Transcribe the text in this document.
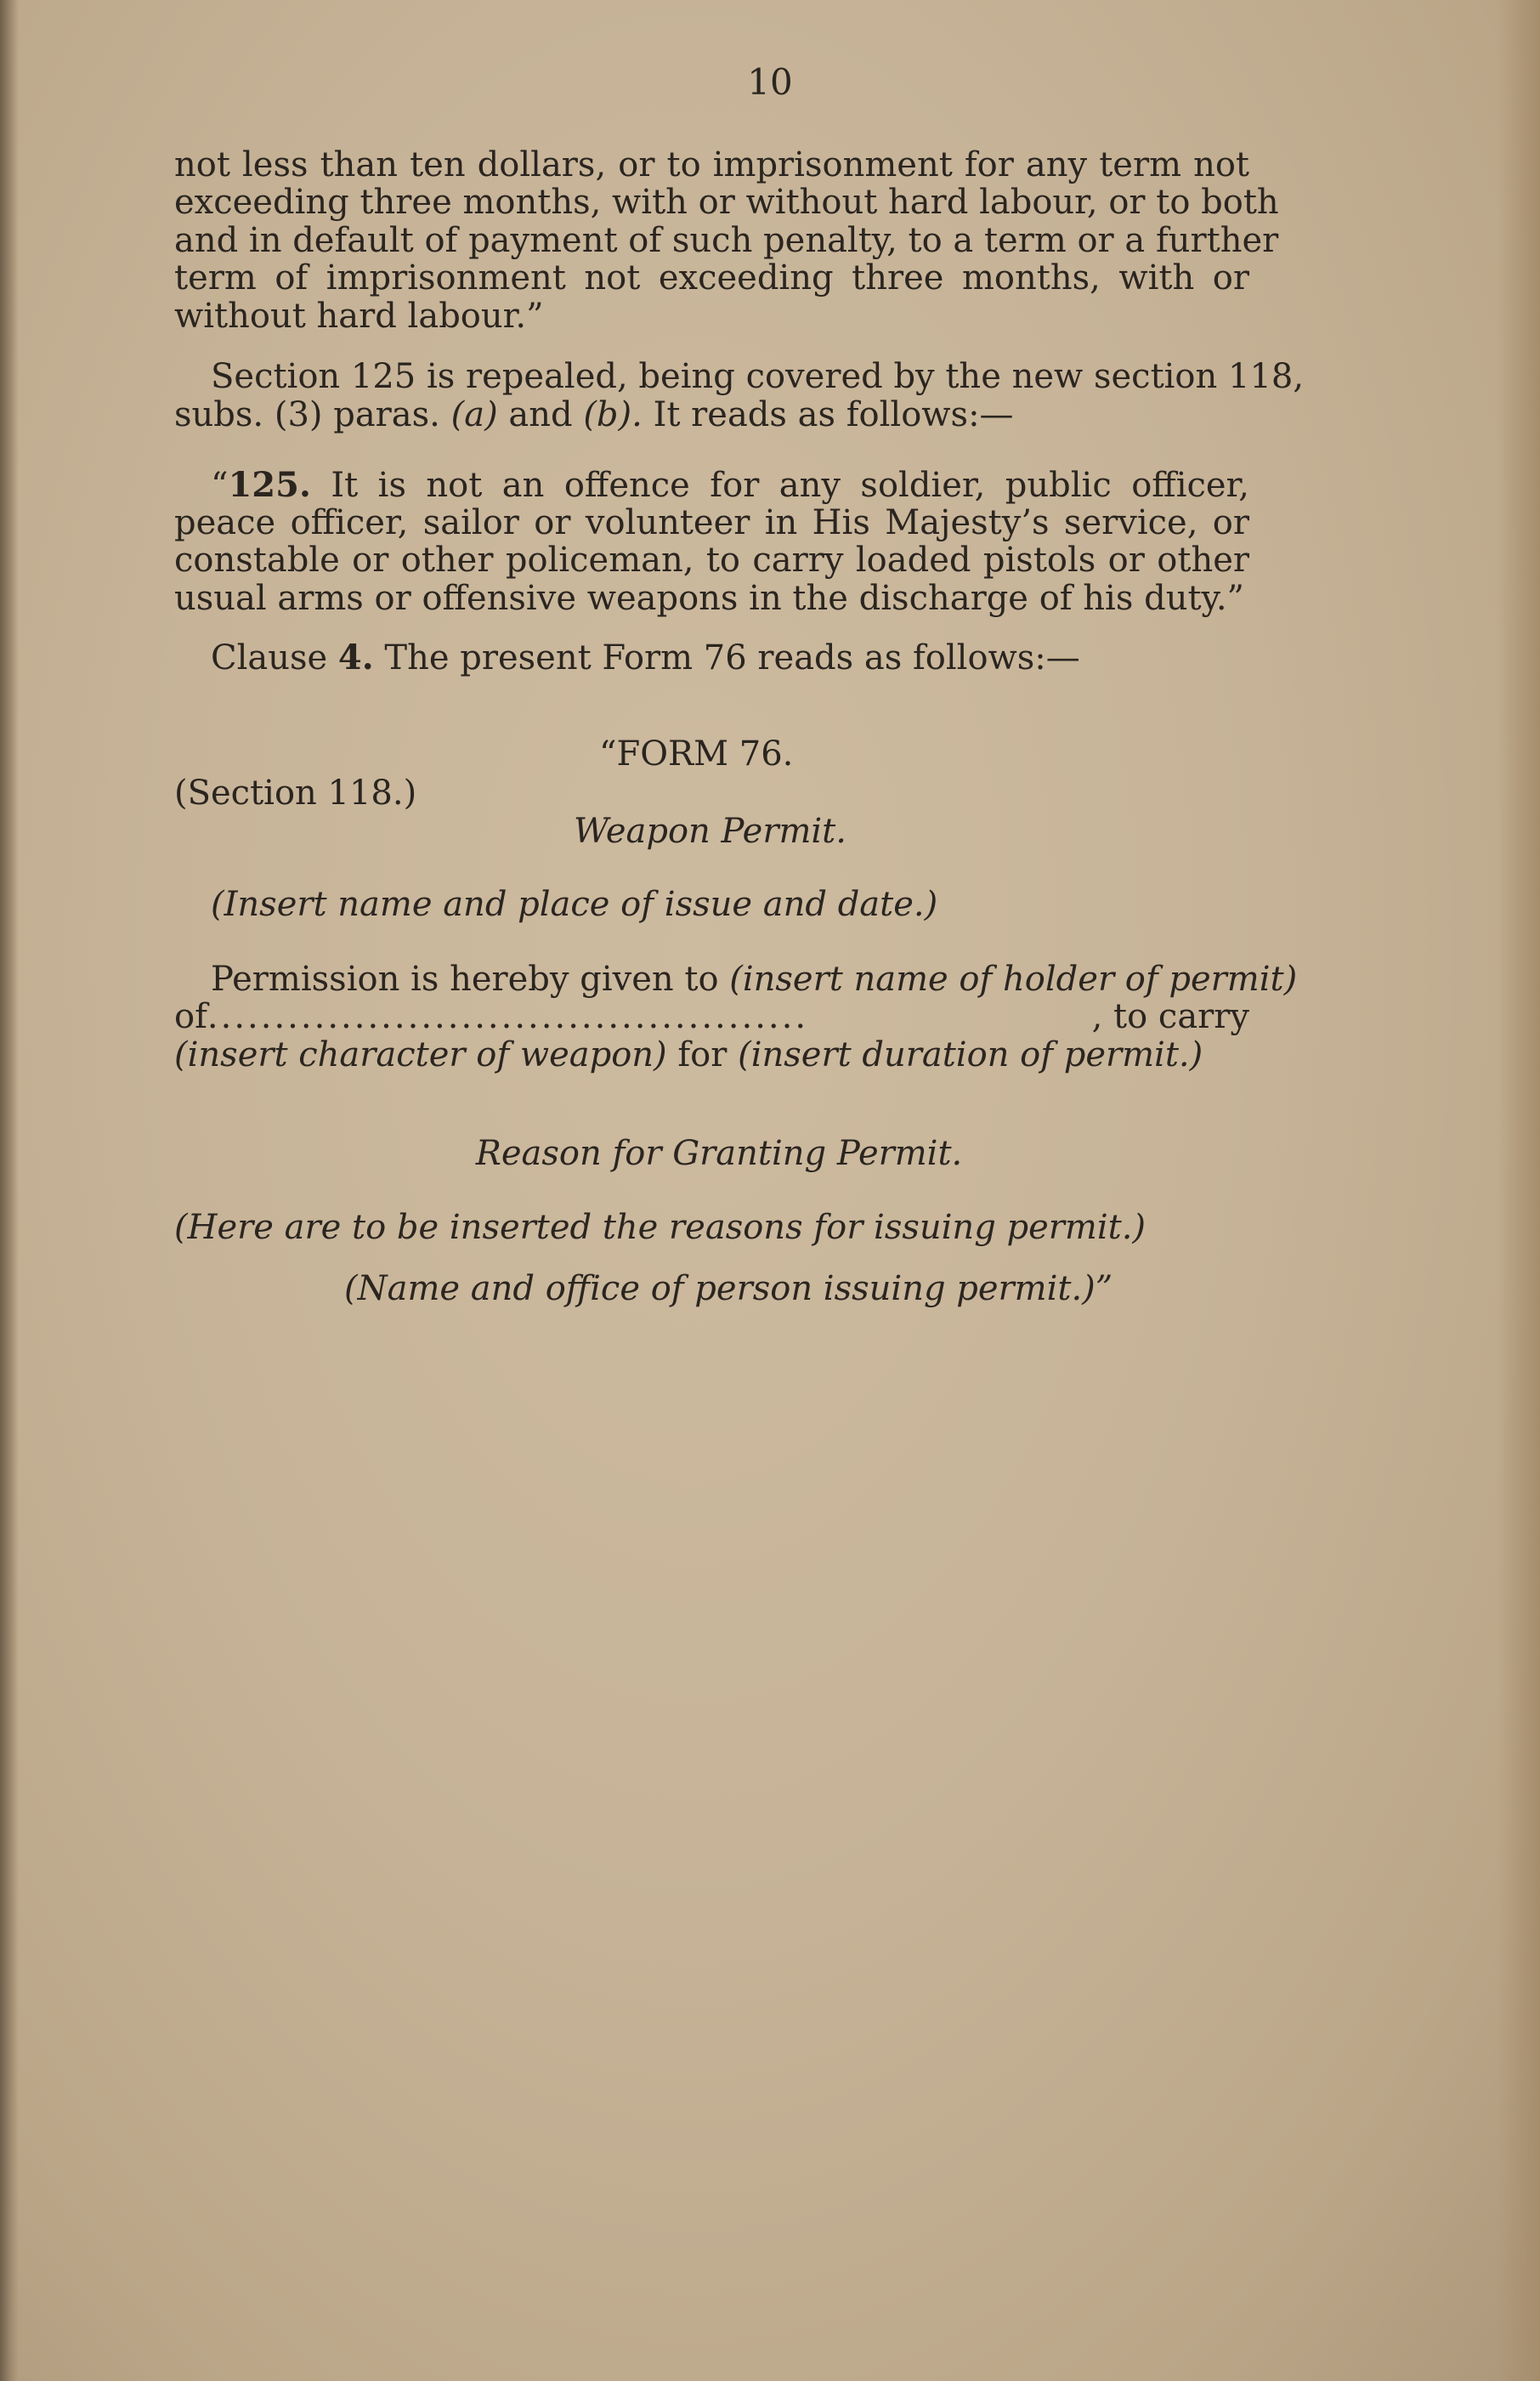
10
not less than ten dollars, or to imprisonment for any term not
exceeding three months, with or without hard labour, or to both
and in default of payment of such penalty, to a term or a further
term of imprisonment not exceeding three months, with or
without hard labour.”
Section 125 is repealed, being covered by the new section 118,
subs. (3) paras. (a) and (b). It reads as follows:—
“125. It is not an offence for any soldier, public officer,
peace officer, sailor or volunteer in His Majesty’s service, or
constable or other policeman, to carry loaded pistols or other
usual arms or offensive weapons in the discharge of his duty.”
Clause 4. The present Form 76 reads as follows:—
“FORM 76.
(Section 118.)
Weapon Permit.
(Insert name and place of issue and date.)
Permission is hereby given to (insert name of holder of permit)
of .............................................	, to carry
(insert character of weapon) for (insert duration of permit.)
Reason for Granting Permit.
(Here are to be inserted the reasons for issuing permit.)
(Name and office of person issuing permit.)”
